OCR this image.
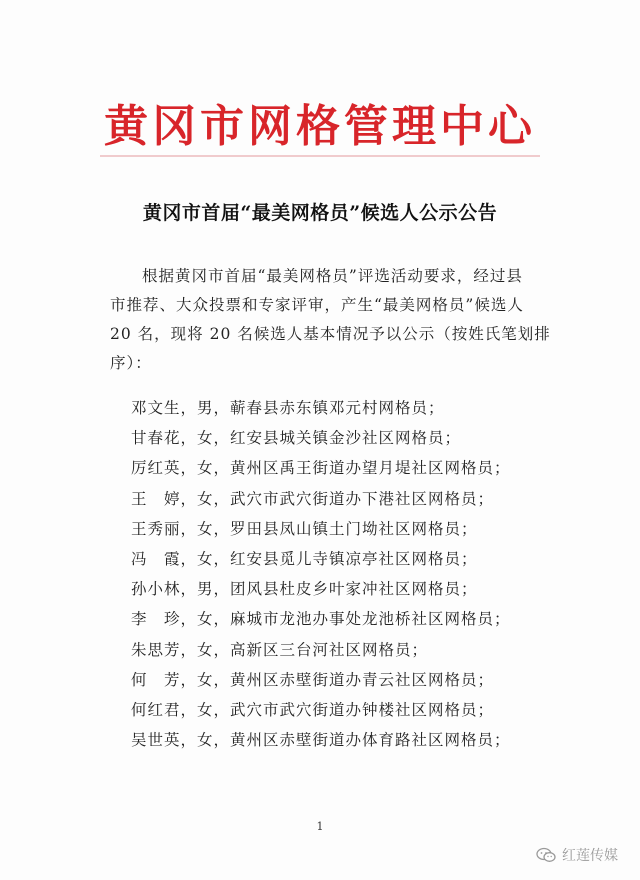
黄冈市网格管理中心
黄冈市首届“最美网格员”候选人公示公告
根据黄冈市首届“最美网格员”评选活动要求，经过县
市推荐、大众投票和专家评审，产生“最美网格员”候选人
20 名，现将 20 名候选人基本情况予以公示（按姓氏笔划排
序）：
邓文生，男，蕲春县赤东镇邓元村网格员；
甘春花，女，红安县城关镇金沙社区网格员；
厉红英，女，黄州区禹王街道办望月堤社区网格员；
王　婷，女，武穴市武穴街道办下港社区网格员；
王秀丽，女，罗田县凤山镇土门坳社区网格员；
冯　霞，女，红安县觅儿寺镇凉亭社区网格员；
孙小林，男，团风县杜皮乡叶家冲社区网格员；
李　珍，女，麻城市龙池办事处龙池桥社区网格员；
朱思芳，女，高新区三台河社区网格员；
何　芳，女，黄州区赤壁街道办青云社区网格员；
何红君，女，武穴市武穴街道办钟楼社区网格员；
吴世英，女，黄州区赤壁街道办体育路社区网格员；
1
红莲传媒
